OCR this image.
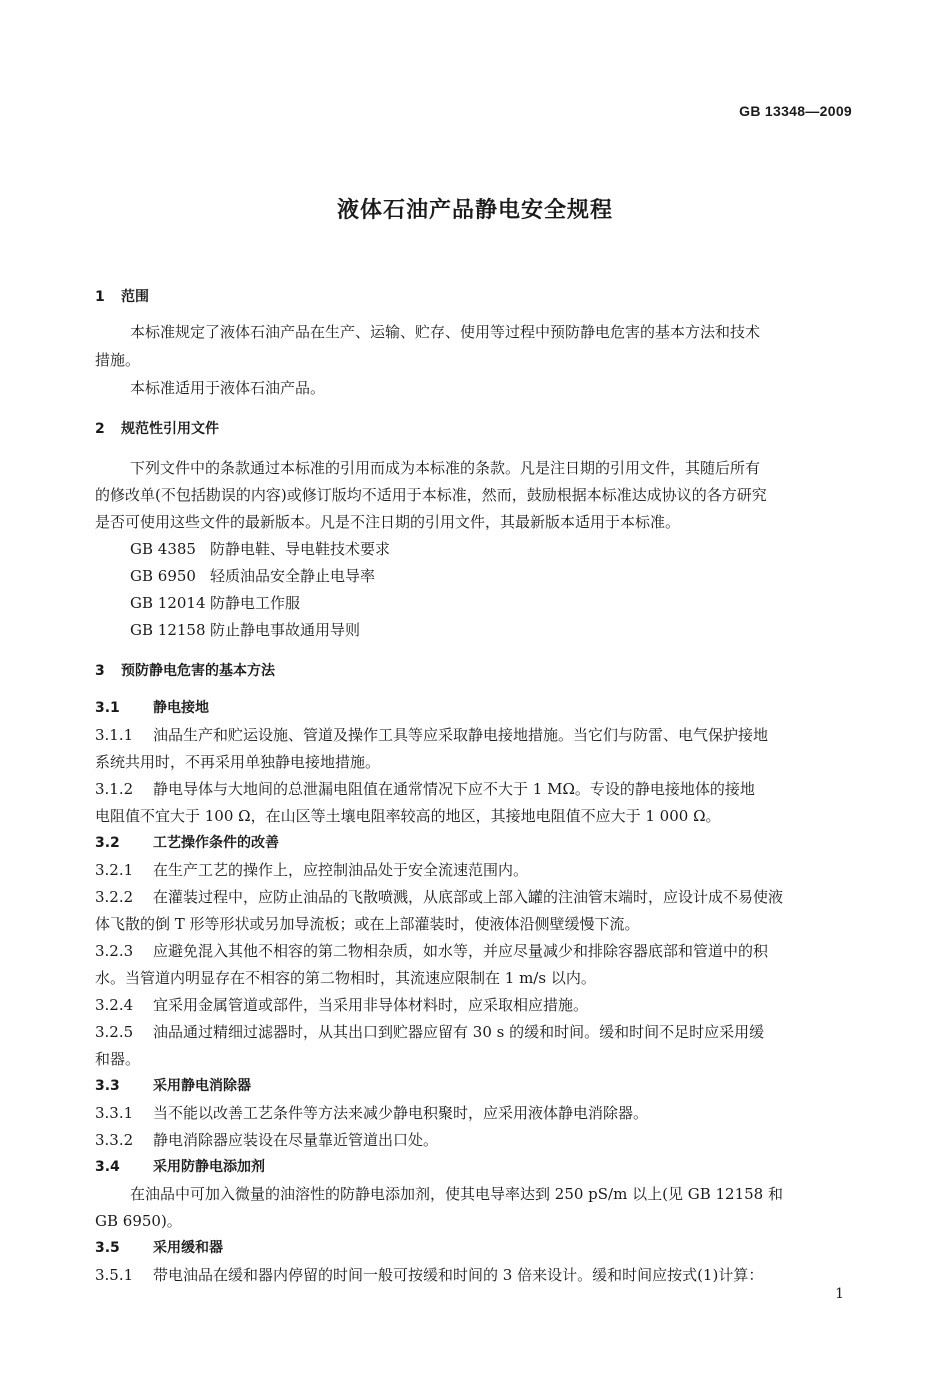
GB 13348—2009
液体石油产品静电安全规程
1 范围
本标准规定了液体石油产品在生产、运输、贮存、使用等过程中预防静电危害的基本方法和技术
措施。
本标准适用于液体石油产品。
2 规范性引用文件
下列文件中的条款通过本标准的引用而成为本标准的条款。凡是注日期的引用文件，其随后所有
的修改单(不包括勘误的内容)或修订版均不适用于本标准，然而，鼓励根据本标准达成协议的各方研究
是否可使用这些文件的最新版本。凡是不注日期的引用文件，其最新版本适用于本标准。
GB 4385 防静电鞋、导电鞋技术要求
GB 6950 轻质油品安全静止电导率
GB 12014 防静电工作服
GB 12158 防止静电事故通用导则
3 预防静电危害的基本方法
3.1 静电接地
3.1.1 油品生产和贮运设施、管道及操作工具等应采取静电接地措施。当它们与防雷、电气保护接地
系统共用时，不再采用单独静电接地措施。
3.1.2 静电导体与大地间的总泄漏电阻值在通常情况下应不大于 1 MΩ。专设的静电接地体的接地
电阻值不宜大于 100 Ω，在山区等土壤电阻率较高的地区，其接地电阻值不应大于 1 000 Ω。
3.2 工艺操作条件的改善
3.2.1 在生产工艺的操作上，应控制油品处于安全流速范围内。
3.2.2 在灌装过程中，应防止油品的飞散喷溅，从底部或上部入罐的注油管末端时，应设计成不易使液
体飞散的倒 T 形等形状或另加导流板；或在上部灌装时，使液体沿侧壁缓慢下流。
3.2.3 应避免混入其他不相容的第二物相杂质，如水等，并应尽量减少和排除容器底部和管道中的积
水。当管道内明显存在不相容的第二物相时，其流速应限制在 1 m/s 以内。
3.2.4 宜采用金属管道或部件，当采用非导体材料时，应采取相应措施。
3.2.5 油品通过精细过滤器时，从其出口到贮器应留有 30 s 的缓和时间。缓和时间不足时应采用缓
和器。
3.3 采用静电消除器
3.3.1 当不能以改善工艺条件等方法来减少静电积聚时，应采用液体静电消除器。
3.3.2 静电消除器应装设在尽量靠近管道出口处。
3.4 采用防静电添加剂
在油品中可加入微量的油溶性的防静电添加剂，使其电导率达到 250 pS/m 以上(见 GB 12158 和
GB 6950)。
3.5 采用缓和器
3.5.1 带电油品在缓和器内停留的时间一般可按缓和时间的 3 倍来设计。缓和时间应按式(1)计算：
1
